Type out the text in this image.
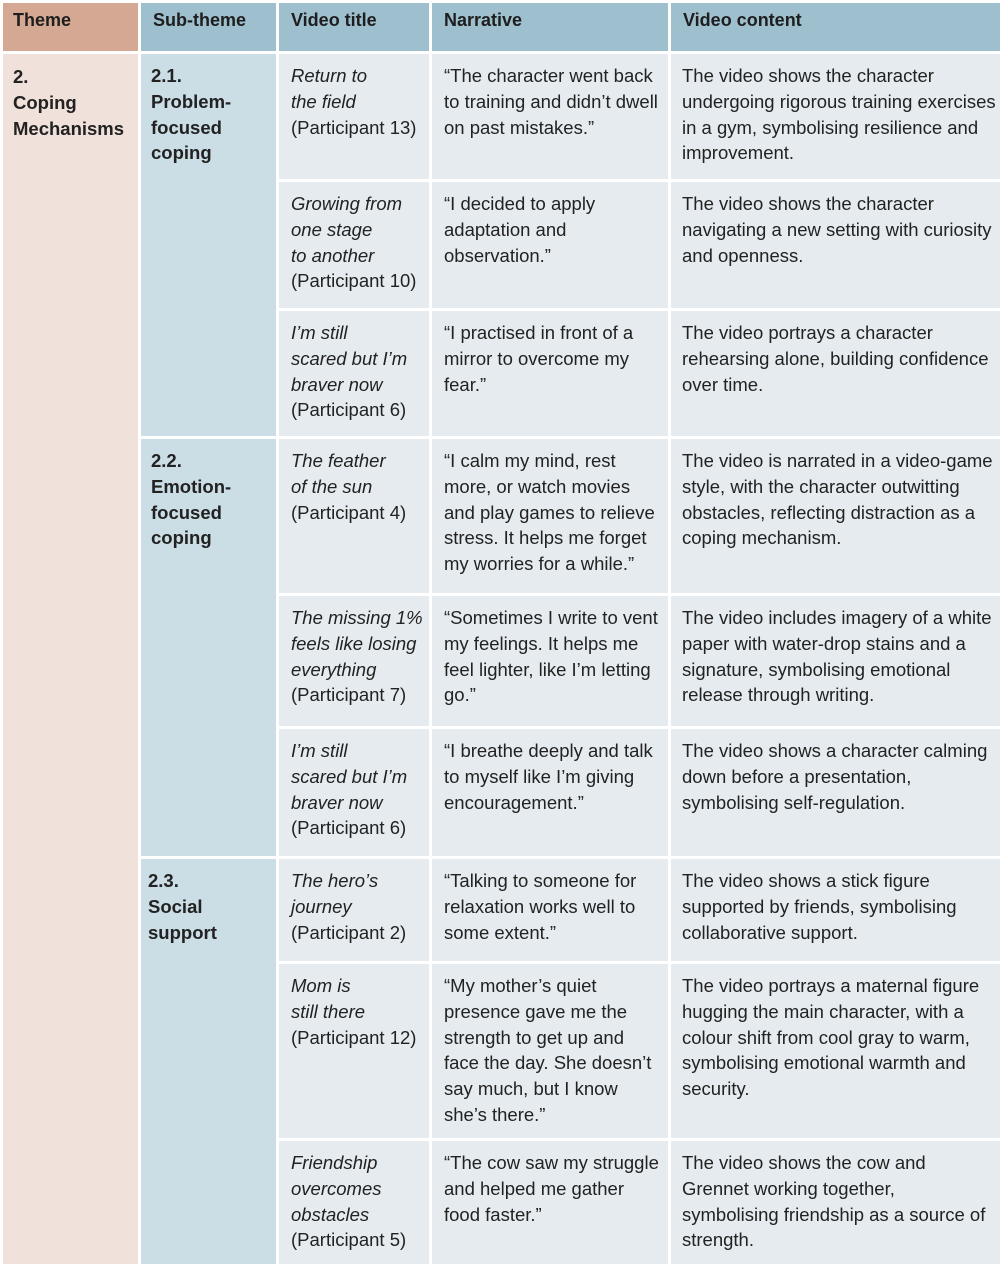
Theme	Sub-theme	Video title	Narrative	Video content

2.
Coping
Mechanisms	2.1.
Problem-
focused
coping	Return to
the field
(Participant 13)	“The character went back to training and didn’t dwell on past mistakes.”	The video shows the character undergoing rigorous training exercises in a gym, symbolising resilience and improvement.

		Growing from
one stage
to another
(Participant 10)	“I decided to apply adaptation and observation.”	The video shows the character navigating a new setting with curiosity and openness.

		I’m still
scared but I’m
braver now
(Participant 6)	“I practised in front of a mirror to overcome my fear.”	The video portrays a character rehearsing alone, building confidence over time.

	2.2.
Emotion-
focused
coping	The feather
of the sun
(Participant 4)	“I calm my mind, rest more, or watch movies and play games to relieve stress. It helps me forget my worries for a while.”	The video is narrated in a video-game style, with the character outwitting obstacles, reflecting distraction as a coping mechanism.

		The missing 1%
feels like losing
everything
(Participant 7)	“Sometimes I write to vent my feelings. It helps me feel lighter, like I’m letting go.”	The video includes imagery of a white paper with water-drop stains and a signature, symbolising emotional release through writing.

		I’m still
scared but I’m
braver now
(Participant 6)	“I breathe deeply and talk to myself like I’m giving encouragement.”	The video shows a character calming down before a presentation, symbolising self-regulation.

	2.3.
Social
support	The hero’s
journey
(Participant 2)	“Talking to someone for relaxation works well to some extent.”	The video shows a stick figure supported by friends, symbolising collaborative support.

		Mom is
still there
(Participant 12)	“My mother’s quiet presence gave me the strength to get up and face the day. She doesn’t say much, but I know she’s there.”	The video portrays a maternal figure hugging the main character, with a colour shift from cool gray to warm, symbolising emotional warmth and security.

		Friendship
overcomes
obstacles
(Participant 5)	“The cow saw my struggle and helped me gather food faster.”	The video shows the cow and Grennet working together, symbolising friendship as a source of strength.
